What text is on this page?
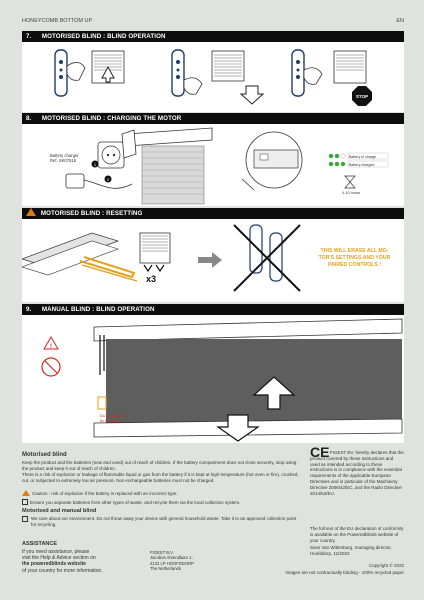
HONEYCOMB BOTTOM UP	EN
7. MOTORISED BLIND : BLIND OPERATION
STOP
8. MOTORISED BLIND : CHARGING THE MOTOR
2
1
Battery charger
Ref. SK0761b
Battery in charge
Battery charged
4-10 hours
MOTORISED BLIND : RESETTING
x3
THIS WILL ERASE ALL MO-
TOR'S SETTINGS AND YOUR
PAIRED CONTROLS !
9. MANUAL BLIND : BLIND OPERATION
!
Do not forget to
fix the chain
Motorised blind
Keep the product and the batteries (new and used) out of reach of children. If the battery compartment does not close securely, stop using the product and keep it out of reach of children.
There is a risk of explosion or leakage of flammable liquid or gas from the battery if it is kept at high temperature (hot oven or fire), crushed, cut, or subjected to extremely low air pressure. Non-rechargeable batteries must not be charged.
Caution : risk of explosion if the battery is replaced with an incorrect type.
Ensure you separate batteries from other types of waste, and recycle them via the local collection system.
Motorised and manual blind
We care about our environment. Do not throw away your device with general household waste. Take it to an approved collection point for recycling.
ASSISTANCE
If you need assistance, please
visit the Help & Advice section on
the poweredblinds website
of your country for more information.
FIGEST B.V.
Jacobus Ahrendlaan 1,
2132 LP HOOFDDORP
The Netherlands
CE FIGEST BV. hereby declares that the product covered by these instructions and used as intended according to these instructions is in compliance with the essential requirements of the applicable European Directives and in particular of the Machinery Directive 2006/42/EC, and the Radio Directive 2014/53/EU.
The full text of the EU declaration of conformity is available on the Poweredblinds website of your country.
Sven Van Wittenburg, managing director, Hoofddorp, 11/2022
Copyright © 2022
Images are not contractually binding - 100% recycled paper
